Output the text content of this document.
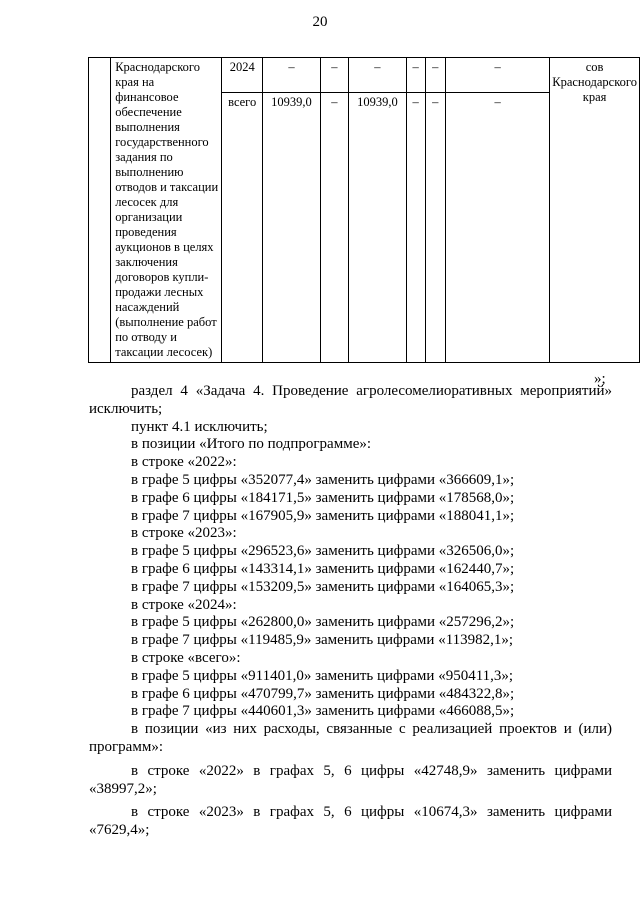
20
	Краснодарского края на финансовое обеспечение выполнения государственного задания по выполнению отводов и таксации лесосек для организации проведения аукционов в целях заключения договоров купли-продажи лесных насаждений (выполнение работ по отводу и таксации лесосек)	2024	–	–	–	–	–	–	сов Краснодарского края
		всего	10939,0	–	10939,0	–	–	–	
»;

раздел 4 «Задача 4. Проведение агролесомелиоративных мероприятий»

исключить;

пункт 4.1 исключить;

в позиции «Итого по подпрограмме»:

в строке «2022»:

в графе 5 цифры «352077,4» заменить цифрами «366609,1»;

в графе 6 цифры «184171,5» заменить цифрами «178568,0»;

в графе 7 цифры «167905,9» заменить цифрами «188041,1»;

в строке «2023»:

в графе 5 цифры «296523,6» заменить цифрами «326506,0»;

в графе 6 цифры «143314,1» заменить цифрами «162440,7»;

в графе 7 цифры «153209,5» заменить цифрами «164065,3»;

в строке «2024»:

в графе 5 цифры «262800,0» заменить цифрами «257296,2»;

в графе 7 цифры «119485,9» заменить цифрами «113982,1»;

в строке «всего»:

в графе 5 цифры «911401,0» заменить цифрами «950411,3»;

в графе 6 цифры «470799,7» заменить цифрами «484322,8»;

в графе 7 цифры «440601,3» заменить цифрами «466088,5»;

в позиции «из них расходы, связанные с реализацией проектов и (или)

программ»:

в строке «2022» в графах 5, 6 цифры «42748,9» заменить цифрами

«38997,2»;

в строке «2023» в графах 5, 6 цифры «10674,3» заменить цифрами

«7629,4»;
